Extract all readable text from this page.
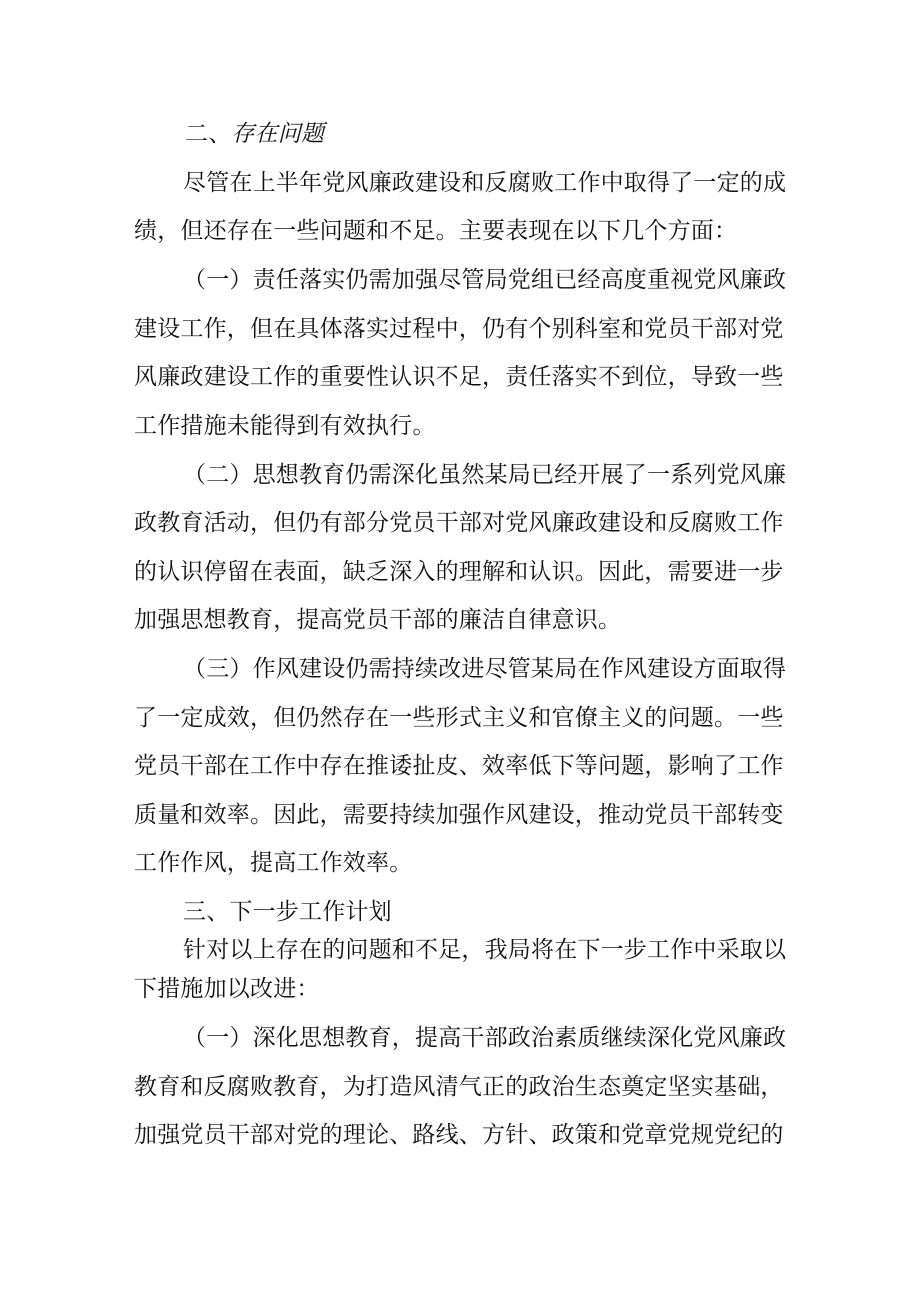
二、存在问题
尽管在上半年党风廉政建设和反腐败工作中取得了一定的成
绩，但还存在一些问题和不足。主要表现在以下几个方面：
（一）责任落实仍需加强尽管局党组已经高度重视党风廉政
建设工作，但在具体落实过程中，仍有个别科室和党员干部对党
风廉政建设工作的重要性认识不足，责任落实不到位，导致一些
工作措施未能得到有效执行。
（二）思想教育仍需深化虽然某局已经开展了一系列党风廉
政教育活动，但仍有部分党员干部对党风廉政建设和反腐败工作
的认识停留在表面，缺乏深入的理解和认识。因此，需要进一步
加强思想教育，提高党员干部的廉洁自律意识。
（三）作风建设仍需持续改进尽管某局在作风建设方面取得
了一定成效，但仍然存在一些形式主义和官僚主义的问题。一些
党员干部在工作中存在推诿扯皮、效率低下等问题，影响了工作
质量和效率。因此，需要持续加强作风建设，推动党员干部转变
工作作风，提高工作效率。
三、下一步工作计划
针对以上存在的问题和不足，我局将在下一步工作中采取以
下措施加以改进：
（一）深化思想教育，提高干部政治素质继续深化党风廉政
教育和反腐败教育，为打造风清气正的政治生态奠定坚实基础，
加强党员干部对党的理论、路线、方针、政策和党章党规党纪的
